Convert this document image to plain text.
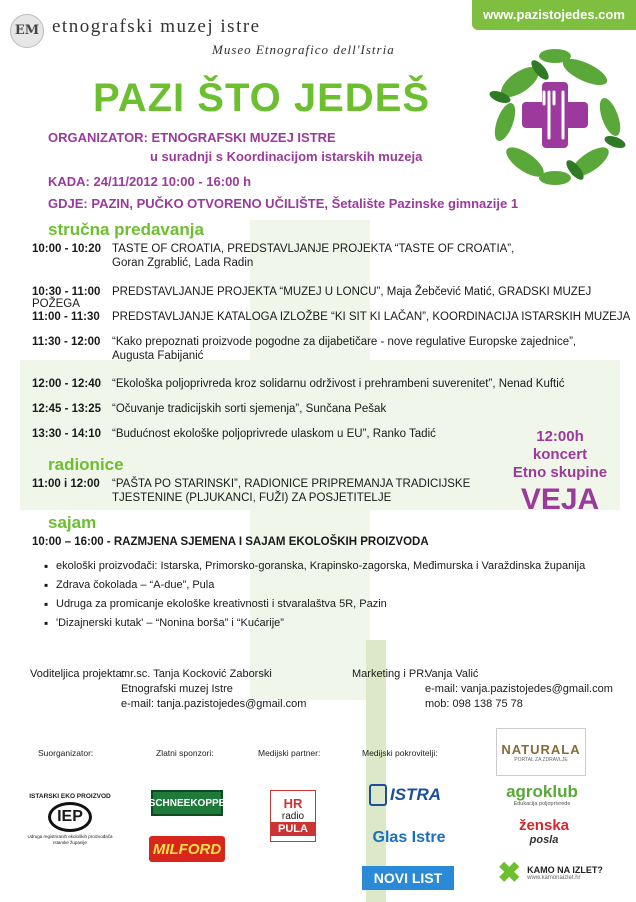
www.pazistojedes.com
EM etnografski muzej istre
Museo Etnografico dell'Istria
PAZI ŠTO JEDEŠ
ORGANIZATOR: ETNOGRAFSKI MUZEJ ISTRE
u suradnji s Koordinacijom istarskih muzeja
KADA: 24/11/2012 10:00 - 16:00 h
GDJE: PAZIN, PUČKO OTVORENO UČILIŠTE, Šetalište Pazinske gimnazije 1
stručna predavanja
10:00 - 10:20 TASTE OF CROATIA, PREDSTAVLJANJE PROJEKTA “TASTE OF CROATIA”,
Goran Zgrablić, Lada Radin
10:30 - 11:00 PREDSTAVLJANJE PROJEKTA “MUZEJ U LONCU”, Maja Žebčević Matić, GRADSKI MUZEJ POŽEGA
11:00 - 11:30 PREDSTAVLJANJE KATALOGA IZLOŽBE “KI SIT KI LAČAN”, KOORDINACIJA ISTARSKIH MUZEJA
11:30 - 12:00 “Kako prepoznati proizvode pogodne za dijabetičare - nove regulative Europske zajednice”,
Augusta Fabijanić
12:00 - 12:40 “Ekološka poljoprivreda kroz solidarnu održivost i prehrambeni suverenitet”, Nenad Kuftić
12:45 - 13:25 “Očuvanje tradicijskih sorti sjemenja”, Sunčana Pešak
13:30 - 14:10 “Budućnost ekološke poljoprivrede ulaskom u EU”, Ranko Tadić
radionice
11:00 i 12:00 “PAŠTA PO STARINSKI”, RADIONICE PRIPREMANJA TRADICIJSKE
TJESTENINE (PLJUKANCI, FUŽI) ZA POSJETITELJE
12:00h
koncert
Etno skupine
VEJA
sajam
10:00 – 16:00 - RAZMJENA SJEMENA I SAJAM EKOLOŠKIH PROIZVODA
▪ ekološki proizvođači: Istarska, Primorsko-goranska, Krapinsko-zagorska, Međimurska i Varaždinska županija
▪ Zdrava čokolada – “A-due”, Pula
▪ Udruga za promicanje ekološke kreativnosti i stvaralaštva 5R, Pazin
▪ 'Dizajnerski kutak' – “Nonina borša” i “Kućarije”
Voditeljica projekta:
mr.sc. Tanja Kocković Zaborski
Etnografski muzej Istre
e-mail: tanja.pazistojedes@gmail.com
Marketing i PR:
Vanja Valić
e-mail: vanja.pazistojedes@gmail.com
mob: 098 138 75 78
Suorganizator:	Zlatni sponzori:	Medijski partner:	Medijski pokrovitelji:
ISTARSKI EKO PROIZVOD
IEP
Udruga registriranih ekoloških proizvođača Istarske županije
SCHNEEKOPPE
MILFORD
HR
radio
PULA
ISTRA
Glas Istre
NOVI LIST
NATURALA
PORTAL ZA ZDRAVLJE
agroklub
Edukacija poljoprivrede
ženska
posla
✖ KAMO NA IZLET?
www.kamonaizlet.hr
